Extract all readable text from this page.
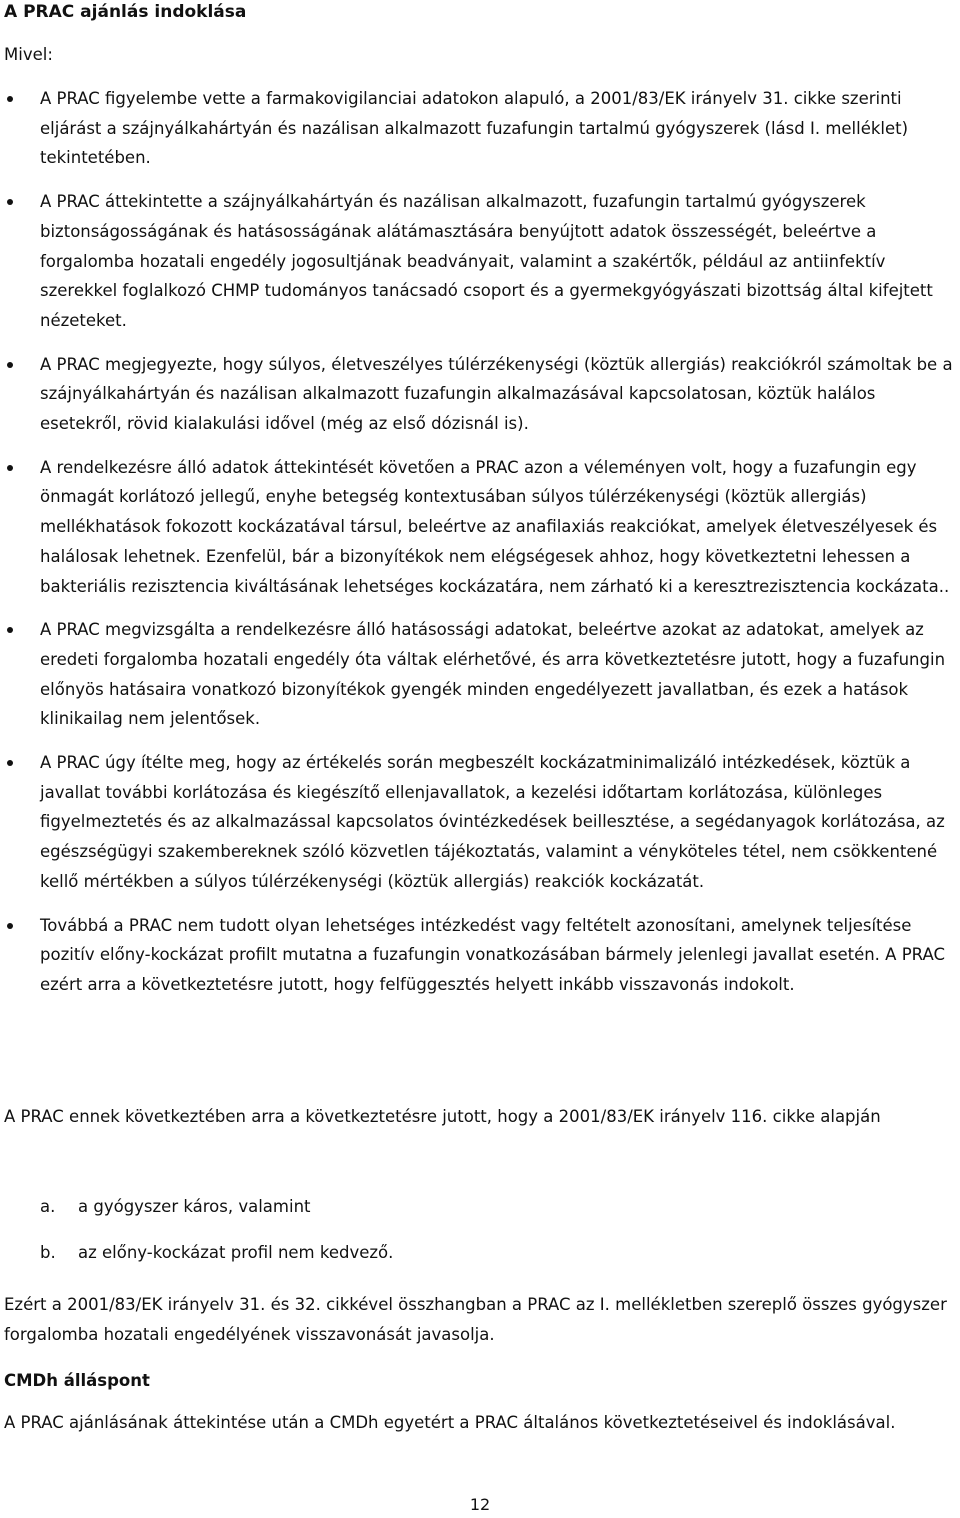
A PRAC ajánlás indoklása

Mivel:

A PRAC figyelembe vette a farmakovigilanciai adatokon alapuló, a 2001/83/EK irányelv 31. cikke szerinti eljárást a szájnyálkahártyán és nazálisan alkalmazott fuzafungin tartalmú gyógyszerek (lásd I. melléklet) tekintetében.
A PRAC áttekintette a szájnyálkahártyán és nazálisan alkalmazott, fuzafungin tartalmú gyógyszerek biztonságosságának és hatásosságának alátámasztására benyújtott adatok összességét, beleértve a forgalomba hozatali engedély jogosultjának beadványait, valamint a szakértők, például az antiinfektív szerekkel foglalkozó CHMP tudományos tanácsadó csoport és a gyermekgyógyászati bizottság által kifejtett nézeteket.
A PRAC megjegyezte, hogy súlyos, életveszélyes túlérzékenységi (köztük allergiás) reakciókról számoltak be a szájnyálkahártyán és nazálisan alkalmazott fuzafungin alkalmazásával kapcsolatosan, köztük halálos esetekről, rövid kialakulási idővel (még az első dózisnál is).
A rendelkezésre álló adatok áttekintését követően a PRAC azon a véleményen volt, hogy a fuzafungin egy önmagát korlátozó jellegű, enyhe betegség kontextusában súlyos túlérzékenységi (köztük allergiás) mellékhatások fokozott kockázatával társul, beleértve az anafilaxiás reakciókat, amelyek életveszélyesek és halálosak lehetnek. Ezenfelül, bár a bizonyítékok nem elégségesek ahhoz, hogy következtetni lehessen a bakteriális rezisztencia kiváltásának lehetséges kockázatára, nem zárható ki a keresztrezisztencia kockázata..
A PRAC megvizsgálta a rendelkezésre álló hatásossági adatokat, beleértve azokat az adatokat, amelyek az eredeti forgalomba hozatali engedély óta váltak elérhetővé, és arra következtetésre jutott, hogy a fuzafungin előnyös hatásaira vonatkozó bizonyítékok gyengék minden engedélyezett javallatban, és ezek a hatások klinikailag nem jelentősek.
A PRAC úgy ítélte meg, hogy az értékelés során megbeszélt kockázatminimalizáló intézkedések, köztük a javallat további korlátozása és kiegészítő ellenjavallatok, a kezelési időtartam korlátozása, különleges figyelmeztetés és az alkalmazással kapcsolatos óvintézkedések beillesztése, a segédanyagok korlátozása, az egészségügyi szakembereknek szóló közvetlen tájékoztatás, valamint a vényköteles tétel, nem csökkentené kellő mértékben a súlyos túlérzékenységi (köztük allergiás) reakciók kockázatát.
Továbbá a PRAC nem tudott olyan lehetséges intézkedést vagy feltételt azonosítani, amelynek teljesítése pozitív előny-kockázat profilt mutatna a fuzafungin vonatkozásában bármely jelenlegi javallat esetén. A PRAC ezért arra a következtetésre jutott, hogy felfüggesztés helyett inkább visszavonás indokolt.

A PRAC ennek következtében arra a következtetésre jutott, hogy a 2001/83/EK irányelv 116. cikke alapján

a.	a gyógyszer káros, valamint
b.	az előny-kockázat profil nem kedvező.

Ezért a 2001/83/EK irányelv 31. és 32. cikkével összhangban a PRAC az I. mellékletben szereplő összes gyógyszer forgalomba hozatali engedélyének visszavonását javasolja.

CMDh álláspont

A PRAC ajánlásának áttekintése után a CMDh egyetért a PRAC általános következtetéseivel és indoklásával.

12
